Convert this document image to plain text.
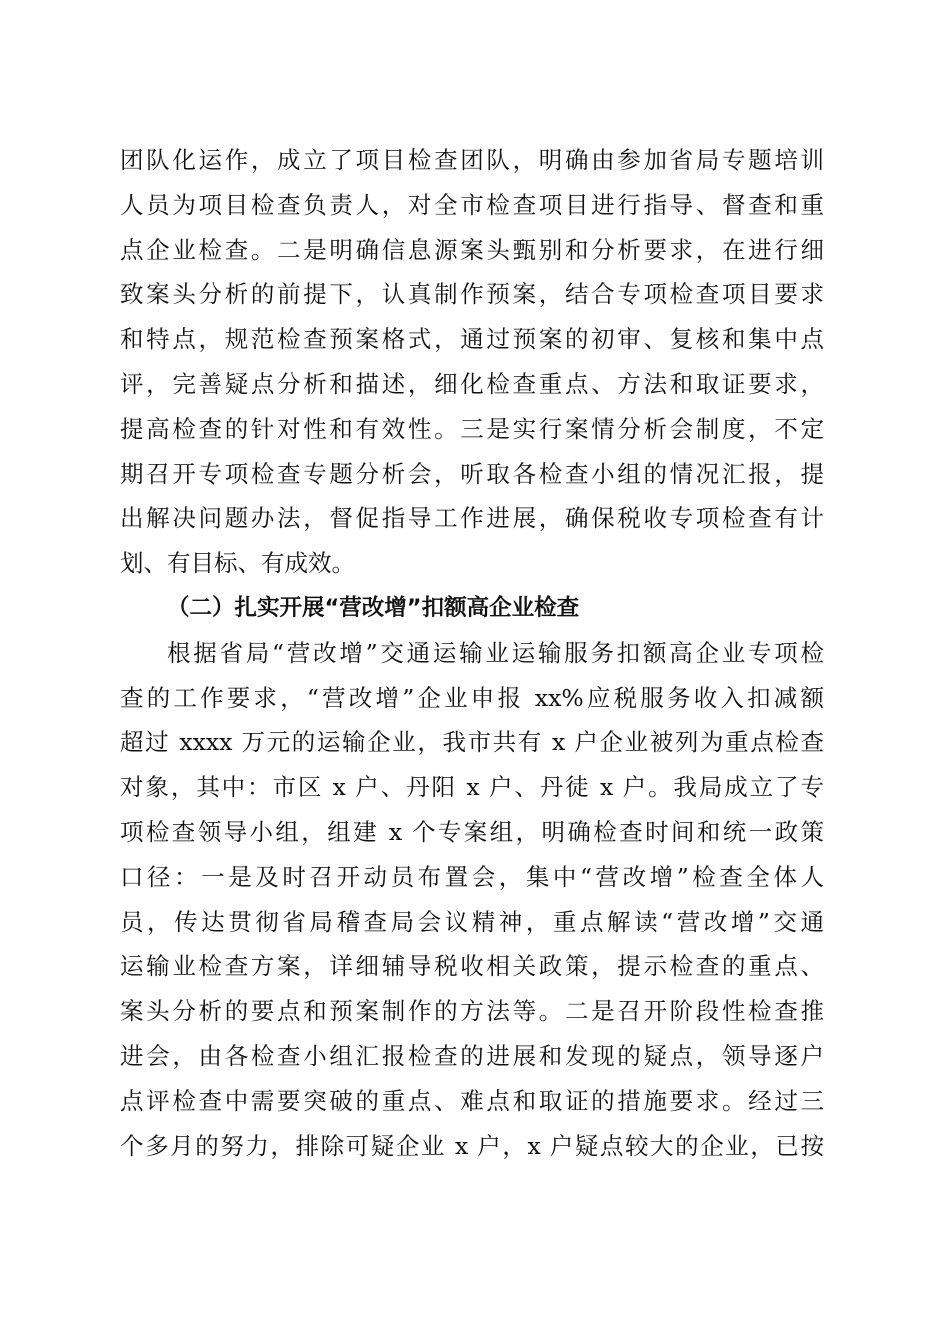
团队化运作，成立了项目检查团队，明确由参加省局专题培训
人员为项目检查负责人，对全市检查项目进行指导、督查和重
点企业检查。二是明确信息源案头甄别和分析要求，在进行细
致案头分析的前提下，认真制作预案，结合专项检查项目要求
和特点，规范检查预案格式，通过预案的初审、复核和集中点
评，完善疑点分析和描述，细化检查重点、方法和取证要求，
提高检查的针对性和有效性。三是实行案情分析会制度，不定
期召开专项检查专题分析会，听取各检查小组的情况汇报，提
出解决问题办法，督促指导工作进展，确保税收专项检查有计
划、有目标、有成效。
（二）扎实开展“营改增”扣额高企业检查
根据省局“营改增”交通运输业运输服务扣额高企业专项检
查的工作要求，“营改增”企业申报 xx%应税服务收入扣减额
超过 xxxx 万元的运输企业，我市共有 x 户企业被列为重点检查
对象，其中：市区 x 户、丹阳 x 户、丹徒 x 户。我局成立了专
项检查领导小组，组建 x 个专案组，明确检查时间和统一政策
口径：一是及时召开动员布置会，集中“营改增”检查全体人
员，传达贯彻省局稽查局会议精神，重点解读“营改增”交通
运输业检查方案，详细辅导税收相关政策，提示检查的重点、
案头分析的要点和预案制作的方法等。二是召开阶段性检查推
进会，由各检查小组汇报检查的进展和发现的疑点，领导逐户
点评检查中需要突破的重点、难点和取证的措施要求。经过三
个多月的努力，排除可疑企业 x 户，x 户疑点较大的企业，已按
